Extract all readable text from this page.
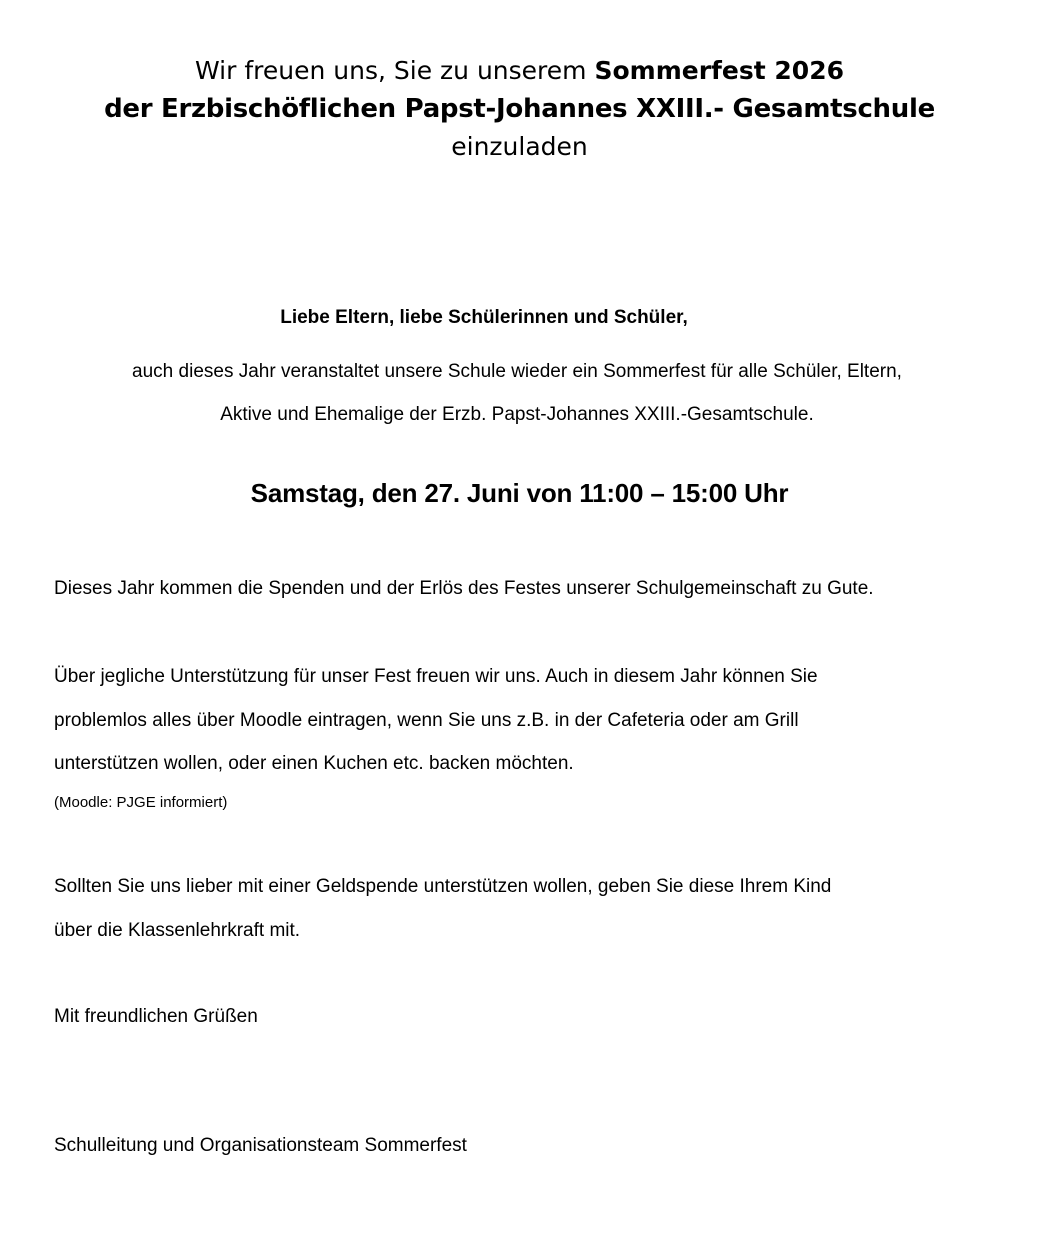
Wir freuen uns, Sie zu unserem Sommerfest 2026
der Erzbischöflichen Papst-Johannes XXIII.- Gesamtschule
einzuladen
Liebe Eltern, liebe Schülerinnen und Schüler,
auch dieses Jahr veranstaltet unsere Schule wieder ein Sommerfest für alle Schüler, Eltern,
Aktive und Ehemalige der Erzb. Papst-Johannes XXIII.-Gesamtschule.
Samstag, den 27. Juni von 11:00 – 15:00 Uhr
Dieses Jahr kommen die Spenden und der Erlös des Festes unserer Schulgemeinschaft zu Gute.
Über jegliche Unterstützung für unser Fest freuen wir uns. Auch in diesem Jahr können Sie
problemlos alles über Moodle eintragen, wenn Sie uns z.B. in der Cafeteria oder am Grill
unterstützen wollen, oder einen Kuchen etc. backen möchten.
(Moodle: PJGE informiert)
Sollten Sie uns lieber mit einer Geldspende unterstützen wollen, geben Sie diese Ihrem Kind
über die Klassenlehrkraft mit.
Mit freundlichen Grüßen
Schulleitung und Organisationsteam Sommerfest
